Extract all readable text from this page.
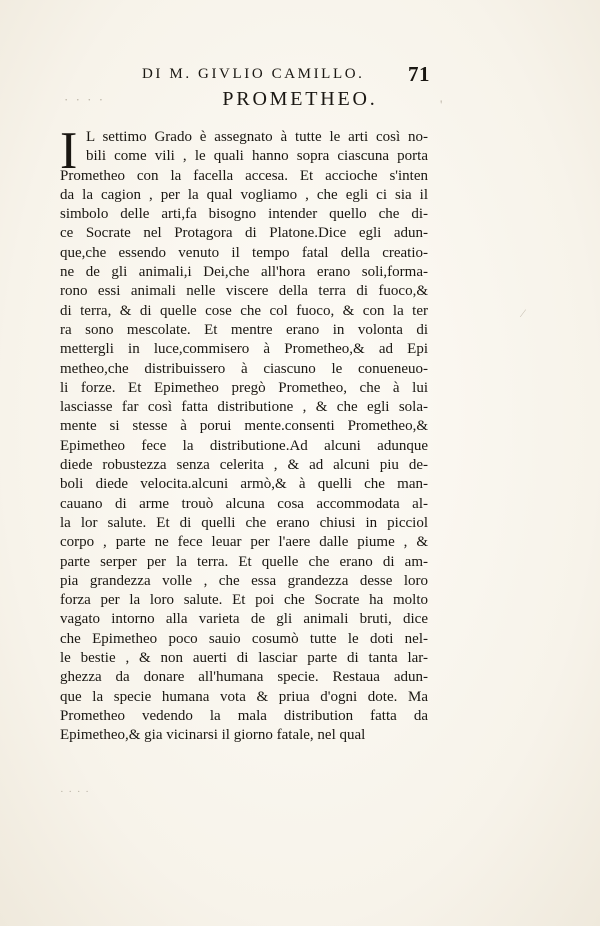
DI M. GIVLIO CAMILLO. 71
· · · ·	'
PROMETHEO.
I L settimo Grado è assegnato à tutte le arti così no-
bili come vili , le quali hanno sopra ciascuna porta
Prometheo con la facella accesa. Et accioche s'inten
da la cagion , per la qual vogliamo , che egli ci sia il
simbolo delle arti,fa bisogno intender quello che di-
ce Socrate nel Protagora di Platone.Dice egli adun-
que,che essendo venuto il tempo fatal della creatio-
ne de gli animali,i Dei,che all'hora erano soli,forma-
rono essi animali nelle viscere della terra di fuoco,&
di terra, & di quelle cose che col fuoco, & con la ter
ra sono mescolate. Et mentre erano in volonta di
mettergli in luce,commisero à Prometheo,& ad Epi
metheo,che distribuissero à ciascuno le conueneuo-
li forze. Et Epimetheo pregò Prometheo, che à lui
lasciasse far così fatta distributione , & che egli sola-
mente si stesse à porui mente.consenti Prometheo,&
Epimetheo fece la distributione.Ad alcuni adunque
diede robustezza senza celerita , & ad alcuni piu de-
boli diede velocita.alcuni armò,& à quelli che man-
cauano di arme trouò alcuna cosa accommodata al-
la lor salute. Et di quelli che erano chiusi in picciol
corpo , parte ne fece leuar per l'aere dalle piume , &
parte serper per la terra. Et quelle che erano di am-
pia grandezza volle , che essa grandezza desse loro
forza per la loro salute. Et poi che Socrate ha molto
vagato intorno alla varieta de gli animali bruti, dice
che Epimetheo poco sauio cosumò tutte le doti nel-
le bestie , & non auerti di lasciar parte di tanta lar-
ghezza da donare all'humana specie. Restaua adun-
que la specie humana vota & priua d'ogni dote. Ma
Prometheo vedendo la mala distribution fatta da
Epimetheo,& gia vicinarsi il giorno fatale, nel qual
⁄
· · · ·
